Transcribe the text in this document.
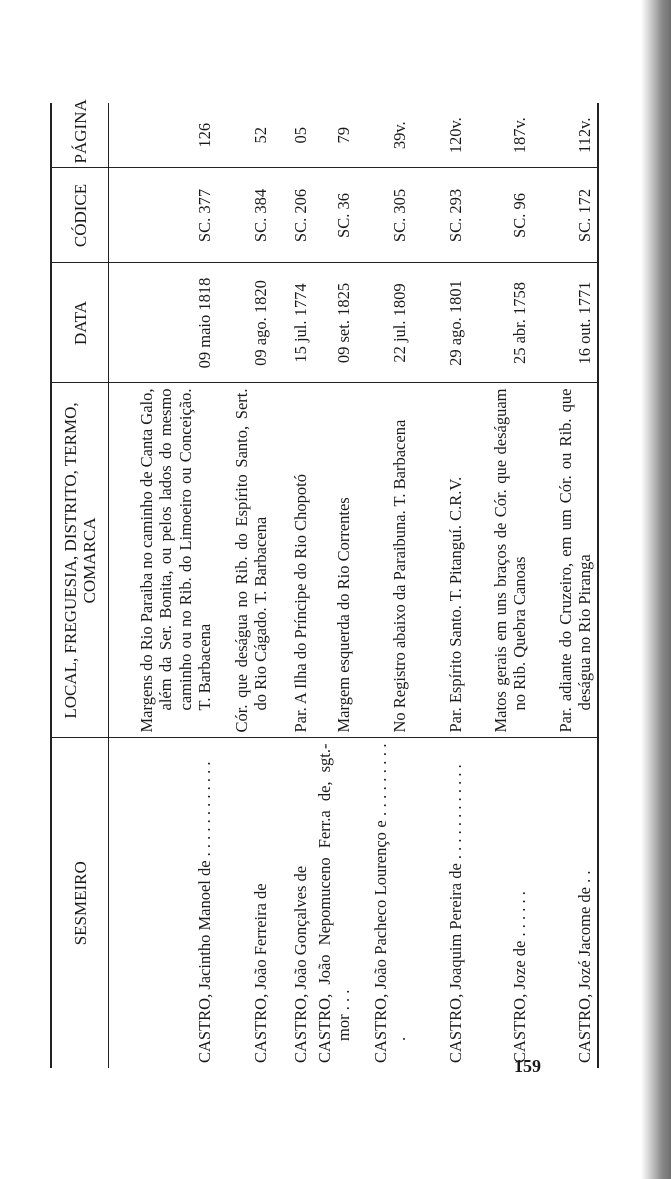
SESMEIRO	LOCAL, FREGUESIA, DISTRITO, TERMO, COMARCA	DATA	CÓDICE	PÁGINA

CASTRO, Jacintho Manoel de . . . . . . . . . . . .	Margens do Rio Paraiba no caminho de Canta Galo, além da Ser. Bonita, ou pelos lados do mesmo caminho ou no Rib. do Limoeiro ou Conceição. T. Barbacena	09 maio 1818	SC. 377	126

CASTRO, João Ferreira de	Cór. que deságua no Rib. do Espírito Santo, Sert. do Rio Cágado. T. Barbacena	09 ago. 1820	SC. 384	52

CASTRO, João Gonçalves de	Par. A Ilha do Príncipe do Rio Chopotó	15 jul. 1774	SC. 206	05

CASTRO, João Nepomuceno Ferr.a de, sgt.-mor . . .	Margem esquerda do Rio Correntes	09 set. 1825	SC. 36	79

CASTRO, João Pacheco Lourenço e . . . . . . . . . .	No Registro abaixo da Paraibuna. T. Barbacena	22 jul. 1809	SC. 305	39v.

CASTRO, Joaquim Pereira de . . . . . . . . . . . .	Par. Espírito Santo. T. Pitanguí. C.R.V.	29 ago. 1801	SC. 293	120v.

CASTRO, Joze de . . . . . .	Matos gerais em uns braços de Cór. que deságuam no Rib. Quebra Canoas	25 abr. 1758	SC. 96	187v.

CASTRO, Jozé Jacome de . .	Par. adiante do Cruzeiro, em um Cór. ou Rib. que deságua no Rio Piranga	16 out. 1771	SC. 172	112v.
159
